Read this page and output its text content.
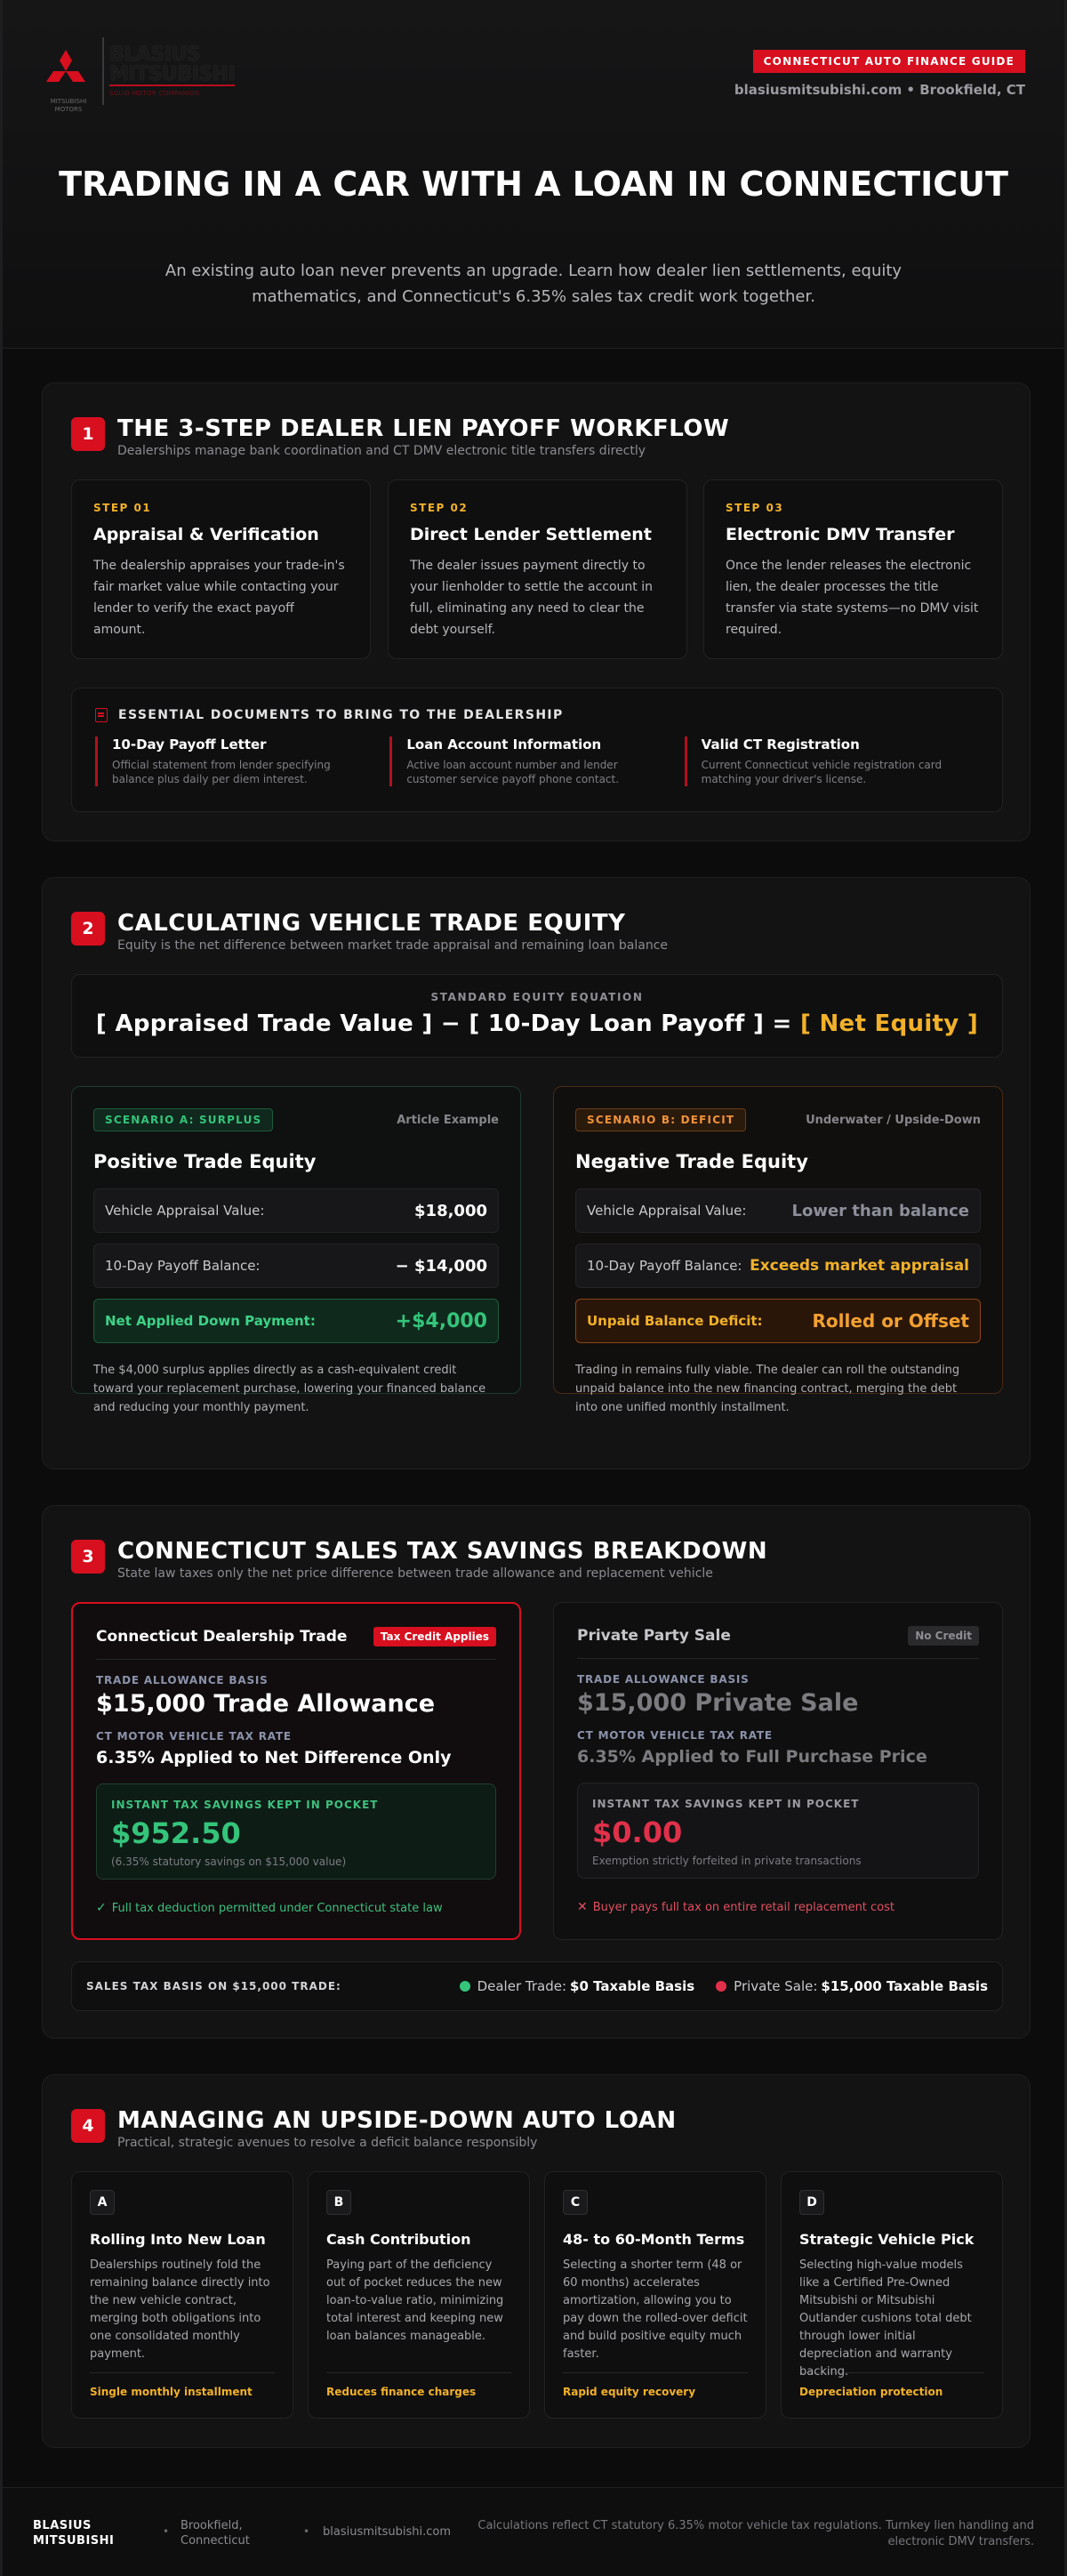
MITSUBISHI MOTORS
BLASIUS
MITSUBISHI
SOLID MOTOR COMPANION
CONNECTICUT AUTO FINANCE GUIDE
blasiusmitsubishi.com • Brookfield, CT
TRADING IN A CAR WITH A LOAN IN CONNECTICUT
An existing auto loan never prevents an upgrade. Learn how dealer lien settlements, equity mathematics, and Connecticut's 6.35% sales tax credit work together.
1	THE 3-STEP DEALER LIEN PAYOFF WORKFLOW
Dealerships manage bank coordination and CT DMV electronic title transfers directly
STEP 01
Appraisal & Verification
The dealership appraises your trade-in's fair market value while contacting your lender to verify the exact payoff amount.
STEP 02
Direct Lender Settlement
The dealer issues payment directly to your lienholder to settle the account in full, eliminating any need to clear the debt yourself.
STEP 03
Electronic DMV Transfer
Once the lender releases the electronic lien, the dealer processes the title transfer via state systems—no DMV visit required.
ESSENTIAL DOCUMENTS TO BRING TO THE DEALERSHIP
10-Day Payoff Letter
Official statement from lender specifying balance plus daily per diem interest.
Loan Account Information
Active loan account number and lender customer service payoff phone contact.
Valid CT Registration
Current Connecticut vehicle registration card matching your driver's license.
2	CALCULATING VEHICLE TRADE EQUITY
Equity is the net difference between market trade appraisal and remaining loan balance
STANDARD EQUITY EQUATION
[ Appraised Trade Value ] − [ 10-Day Loan Payoff ] = [ Net Equity ]
SCENARIO A: SURPLUS	Article Example
Positive Trade Equity
Vehicle Appraisal Value:	$18,000
10-Day Payoff Balance:	− $14,000
Net Applied Down Payment:	+$4,000
The $4,000 surplus applies directly as a cash-equivalent credit toward your replacement purchase, lowering your financed balance and reducing your monthly payment.
SCENARIO B: DEFICIT	Underwater / Upside-Down
Negative Trade Equity
Vehicle Appraisal Value:	Lower than balance
10-Day Payoff Balance: Exceeds market appraisal
Unpaid Balance Deficit:	Rolled or Offset
Trading in remains fully viable. The dealer can roll the outstanding unpaid balance into the new financing contract, merging the debt into one unified monthly installment.
3	CONNECTICUT SALES TAX SAVINGS BREAKDOWN
State law taxes only the net price difference between trade allowance and replacement vehicle
Connecticut Dealership Trade	Tax Credit Applies
TRADE ALLOWANCE BASIS
$15,000 Trade Allowance
CT MOTOR VEHICLE TAX RATE
6.35% Applied to Net Difference Only
INSTANT TAX SAVINGS KEPT IN POCKET
$952.50
(6.35% statutory savings on $15,000 value)
✓ Full tax deduction permitted under Connecticut state law
Private Party Sale	No Credit
TRADE ALLOWANCE BASIS
$15,000 Private Sale
CT MOTOR VEHICLE TAX RATE
6.35% Applied to Full Purchase Price
INSTANT TAX SAVINGS KEPT IN POCKET
$0.00
Exemption strictly forfeited in private transactions
✕ Buyer pays full tax on entire retail replacement cost
SALES TAX BASIS ON $15,000 TRADE:	Dealer Trade: $0 Taxable Basis	Private Sale: $15,000 Taxable Basis
4	MANAGING AN UPSIDE-DOWN AUTO LOAN
Practical, strategic avenues to resolve a deficit balance responsibly
A
Rolling Into New Loan
Dealerships routinely fold the remaining balance directly into the new vehicle contract, merging both obligations into one consolidated monthly payment.
Single monthly installment
B
Cash Contribution
Paying part of the deficiency out of pocket reduces the new loan-to-value ratio, minimizing total interest and keeping new loan balances manageable.
Reduces finance charges
C
48- to 60-Month Terms
Selecting a shorter term (48 or 60 months) accelerates amortization, allowing you to pay down the rolled-over deficit and build positive equity much faster.
Rapid equity recovery
D
Strategic Vehicle Pick
Selecting high-value models like a Certified Pre-Owned Mitsubishi or Mitsubishi Outlander cushions total debt through lower initial depreciation and warranty backing.
Depreciation protection
BLASIUS
MITSUBISHI
• Brookfield,
Connecticut
• blasiusmitsubishi.com	Calculations reflect CT statutory 6.35% motor vehicle tax regulations. Turnkey lien handling and electronic DMV transfers.
